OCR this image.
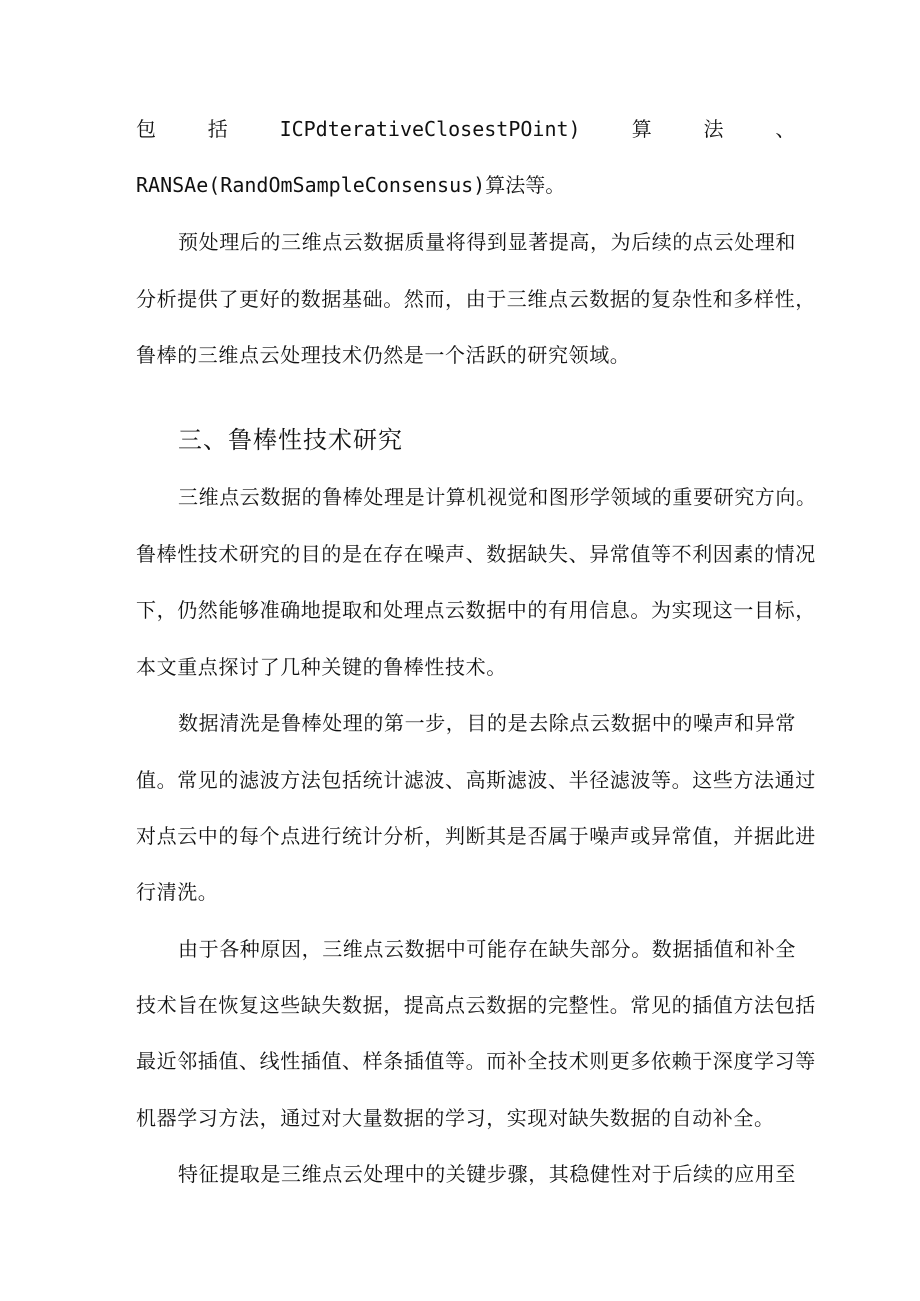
包	括	ICPdterativeClosestPOint)	算	法	、
RANSAe(RandOmSampleConsensus)算法等。
预处理后的三维点云数据质量将得到显著提高，为后续的点云处理和
分析提供了更好的数据基础。然而，由于三维点云数据的复杂性和多样性，
鲁棒的三维点云处理技术仍然是一个活跃的研究领域。
三、鲁棒性技术研究
三维点云数据的鲁棒处理是计算机视觉和图形学领域的重要研究方向。
鲁棒性技术研究的目的是在存在噪声、数据缺失、异常值等不利因素的情况
下，仍然能够准确地提取和处理点云数据中的有用信息。为实现这一目标，
本文重点探讨了几种关键的鲁棒性技术。
数据清洗是鲁棒处理的第一步，目的是去除点云数据中的噪声和异常
值。常见的滤波方法包括统计滤波、高斯滤波、半径滤波等。这些方法通过
对点云中的每个点进行统计分析，判断其是否属于噪声或异常值，并据此进
行清洗。
由于各种原因，三维点云数据中可能存在缺失部分。数据插值和补全
技术旨在恢复这些缺失数据，提高点云数据的完整性。常见的插值方法包括
最近邻插值、线性插值、样条插值等。而补全技术则更多依赖于深度学习等
机器学习方法，通过对大量数据的学习，实现对缺失数据的自动补全。
特征提取是三维点云处理中的关键步骤，其稳健性对于后续的应用至
